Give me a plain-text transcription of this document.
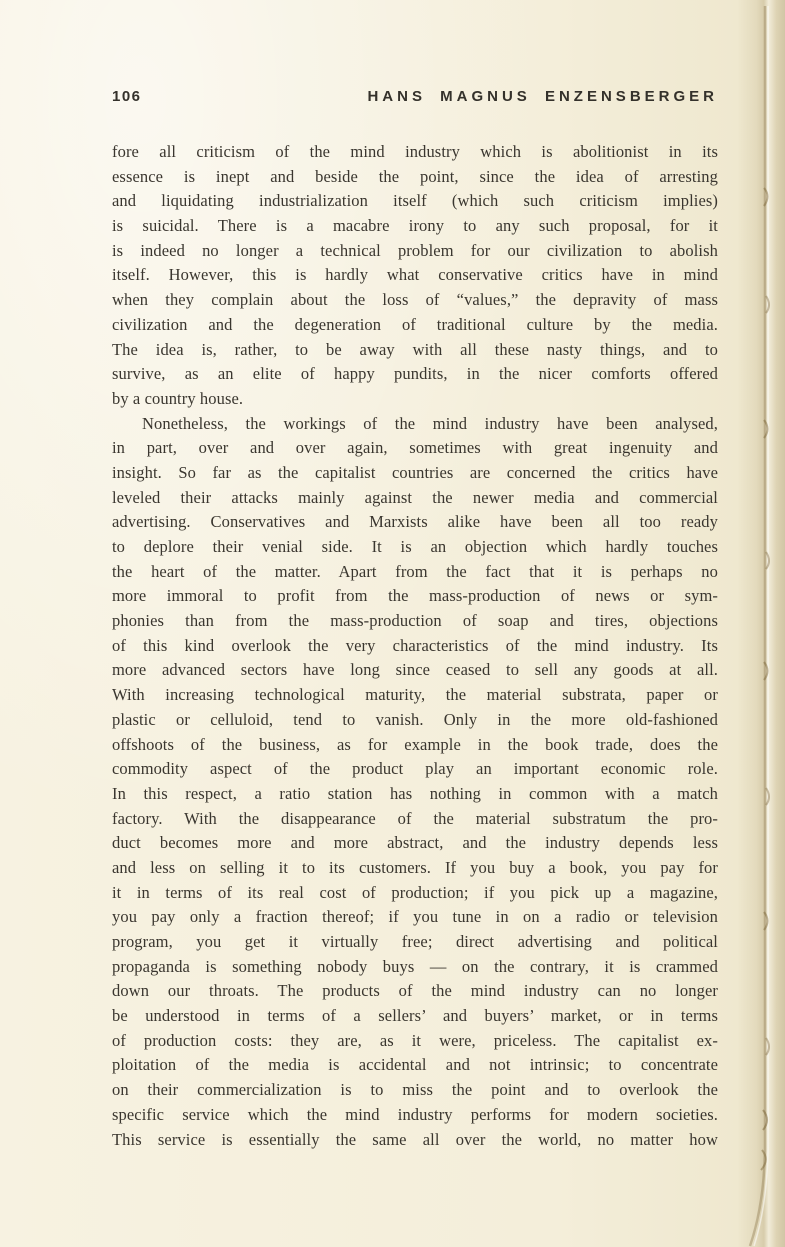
106	HANS MAGNUS ENZENSBERGER
fore all criticism of the mind industry which is abolitionist in its
essence is inept and beside the point, since the idea of arresting
and liquidating industrialization itself (which such criticism implies)
is suicidal. There is a macabre irony to any such proposal, for it
is indeed no longer a technical problem for our civilization to abolish
itself. However, this is hardly what conservative critics have in mind
when they complain about the loss of “values,” the depravity of mass
civilization and the degeneration of traditional culture by the media.
The idea is, rather, to be away with all these nasty things, and to
survive, as an elite of happy pundits, in the nicer comforts offered
by a country house.
Nonetheless, the workings of the mind industry have been analysed,
in part, over and over again, sometimes with great ingenuity and
insight. So far as the capitalist countries are concerned the critics have
leveled their attacks mainly against the newer media and commercial
advertising. Conservatives and Marxists alike have been all too ready
to deplore their venial side. It is an objection which hardly touches
the heart of the matter. Apart from the fact that it is perhaps no
more immoral to profit from the mass-production of news or sym-
phonies than from the mass-production of soap and tires, objections
of this kind overlook the very characteristics of the mind industry. Its
more advanced sectors have long since ceased to sell any goods at all.
With increasing technological maturity, the material substrata, paper or
plastic or celluloid, tend to vanish. Only in the more old-fashioned
offshoots of the business, as for example in the book trade, does the
commodity aspect of the product play an important economic role.
In this respect, a ratio station has nothing in common with a match
factory. With the disappearance of the material substratum the pro-
duct becomes more and more abstract, and the industry depends less
and less on selling it to its customers. If you buy a book, you pay for
it in terms of its real cost of production; if you pick up a magazine,
you pay only a fraction thereof; if you tune in on a radio or television
program, you get it virtually free; direct advertising and political
propaganda is something nobody buys — on the contrary, it is crammed
down our throats. The products of the mind industry can no longer
be understood in terms of a sellers’ and buyers’ market, or in terms
of production costs: they are, as it were, priceless. The capitalist ex-
ploitation of the media is accidental and not intrinsic; to concentrate
on their commercialization is to miss the point and to overlook the
specific service which the mind industry performs for modern societies.
This service is essentially the same all over the world, no matter how
